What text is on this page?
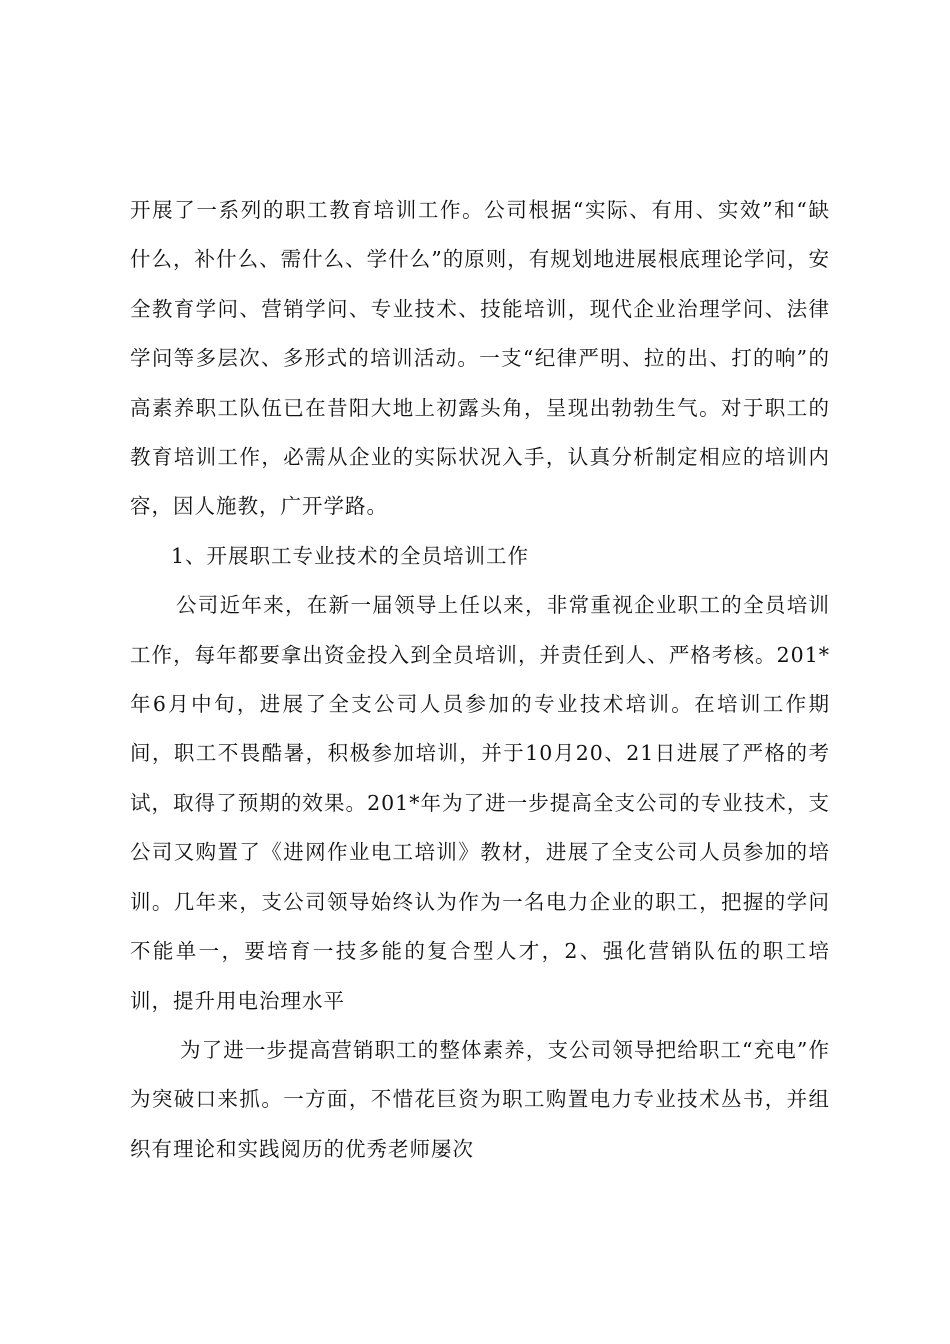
开展了一系列的职工教育培训工作。公司根据“实际、有用、实效”和“缺什么，补什么、需什么、学什么”的原则，有规划地进展根底理论学问，安全教育学问、营销学问、专业技术、技能培训，现代企业治理学问、法律学问等多层次、多形式的培训活动。一支“纪律严明、拉的出、打的响”的高素养职工队伍已在昔阳大地上初露头角，呈现出勃勃生气。对于职工的教育培训工作，必需从企业的实际状况入手，认真分析制定相应的培训内容，因人施教，广开学路。

1、开展职工专业技术的全员培训工作

公司近年来，在新一届领导上任以来，非常重视企业职工的全员培训工作，每年都要拿出资金投入到全员培训，并责任到人、严格考核。201*年6月中旬，进展了全支公司人员参加的专业技术培训。在培训工作期间，职工不畏酷暑，积极参加培训，并于10月20、21日进展了严格的考试，取得了预期的效果。201*年为了进一步提高全支公司的专业技术，支公司又购置了《进网作业电工培训》教材，进展了全支公司人员参加的培训。几年来，支公司领导始终认为作为一名电力企业的职工，把握的学问不能单一，要培育一技多能的复合型人才，2、强化营销队伍的职工培训，提升用电治理水平

为了进一步提高营销职工的整体素养，支公司领导把给职工“充电”作为突破口来抓。一方面，不惜花巨资为职工购置电力专业技术丛书，并组织有理论和实践阅历的优秀老师屡次
